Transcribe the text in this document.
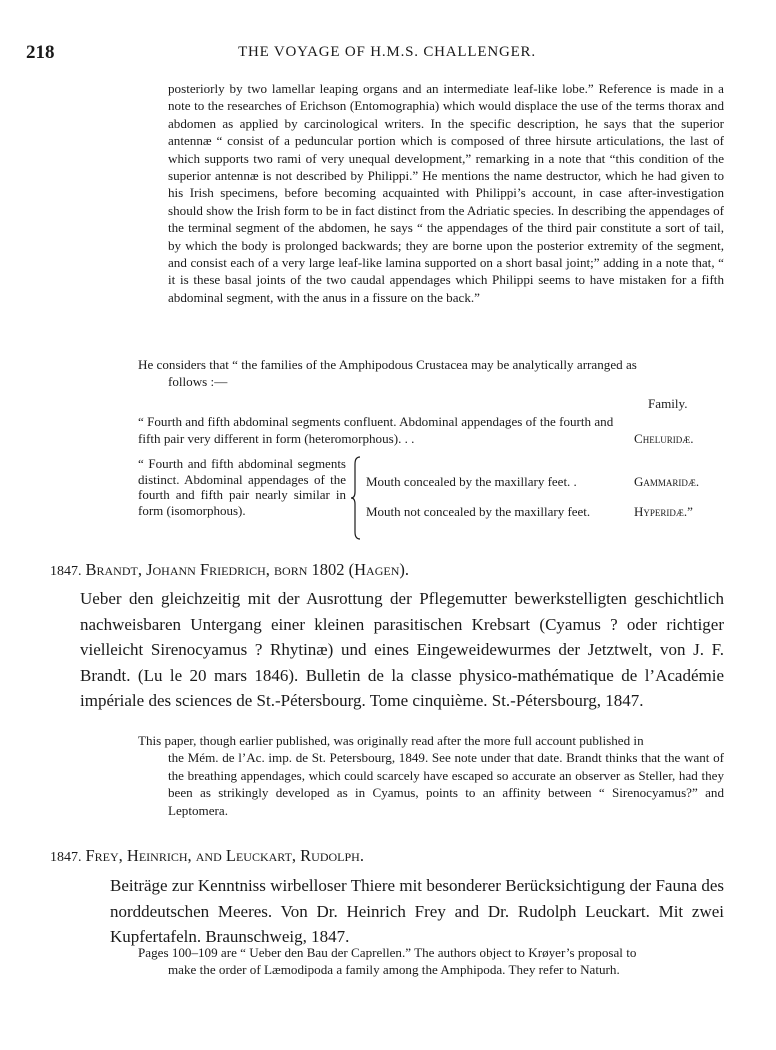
218	THE VOYAGE OF H.M.S. CHALLENGER.
posteriorly by two lamellar leaping organs and an intermediate leaf-like lobe.” Reference is made in a note to the researches of Erichson (Entomographia) which would displace the use of the terms thorax and abdomen as applied by carcinological writers. In the specific description, he says that the superior antennæ “ consist of a peduncular portion which is composed of three hirsute articulations, the last of which supports two rami of very unequal development,” remarking in a note that “this condition of the superior antennæ is not described by Philippi.” He mentions the name destructor, which he had given to his Irish specimens, before becoming acquainted with Philippi’s account, in case after-investigation should show the Irish form to be in fact distinct from the Adriatic species. In describing the appendages of the terminal segment of the abdomen, he says “ the appendages of the third pair constitute a sort of tail, by which the body is prolonged backwards; they are borne upon the posterior extremity of the segment, and consist each of a very large leaf-like lamina supported on a short basal joint;” adding in a note that, “ it is these basal joints of the two caudal appendages which Philippi seems to have mistaken for a fifth abdominal segment, with the anus in a fissure on the back.”
He considers that “ the families of the Amphipodous Crustacea may be analytically arranged as
follows :—
Family.
“ Fourth and fifth abdominal segments confluent. Abdominal appendages of the fourth and fifth pair very different in form (heteromorphous). . .	Cheluridæ.
“ Fourth and fifth abdominal segments distinct. Abdominal appendages of the fourth and fifth pair nearly similar in form (isomorphous).
Mouth concealed by the maxillary feet. .	Gammaridæ.
Mouth not concealed by the maxillary feet.	Hyperidæ.”
1847. Brandt, Johann Friedrich, born 1802 (Hagen).
Ueber den gleichzeitig mit der Ausrottung der Pflegemutter bewerkstelligten geschichtlich nachweisbaren Untergang einer kleinen parasitischen Krebsart (Cyamus ? oder richtiger vielleicht Sirenocyamus ? Rhytinæ) und eines Eingeweidewurmes der Jetztwelt, von J. F. Brandt. (Lu le 20 mars 1846). Bulletin de la classe physico-mathématique de l’Académie impériale des sciences de St.-Pétersbourg. Tome cinquième. St.-Pétersbourg, 1847.
This paper, though earlier published, was originally read after the more full account published in
the Mém. de l’Ac. imp. de St. Petersbourg, 1849. See note under that date. Brandt thinks that the want of the breathing appendages, which could scarcely have escaped so accurate an observer as Steller, had they been as strikingly developed as in Cyamus, points to an affinity between “ Sirenocyamus?” and Leptomera.
1847. Frey, Heinrich, and Leuckart, Rudolph.
Beiträge zur Kenntniss wirbelloser Thiere mit besonderer Berücksichtigung der Fauna des norddeutschen Meeres. Von Dr. Heinrich Frey and Dr. Rudolph Leuckart. Mit zwei Kupfertafeln. Braunschweig, 1847.
Pages 100–109 are “ Ueber den Bau der Caprellen.” The authors object to Krøyer’s proposal to
make the order of Læmodipoda a family among the Amphipoda. They refer to Naturh.
